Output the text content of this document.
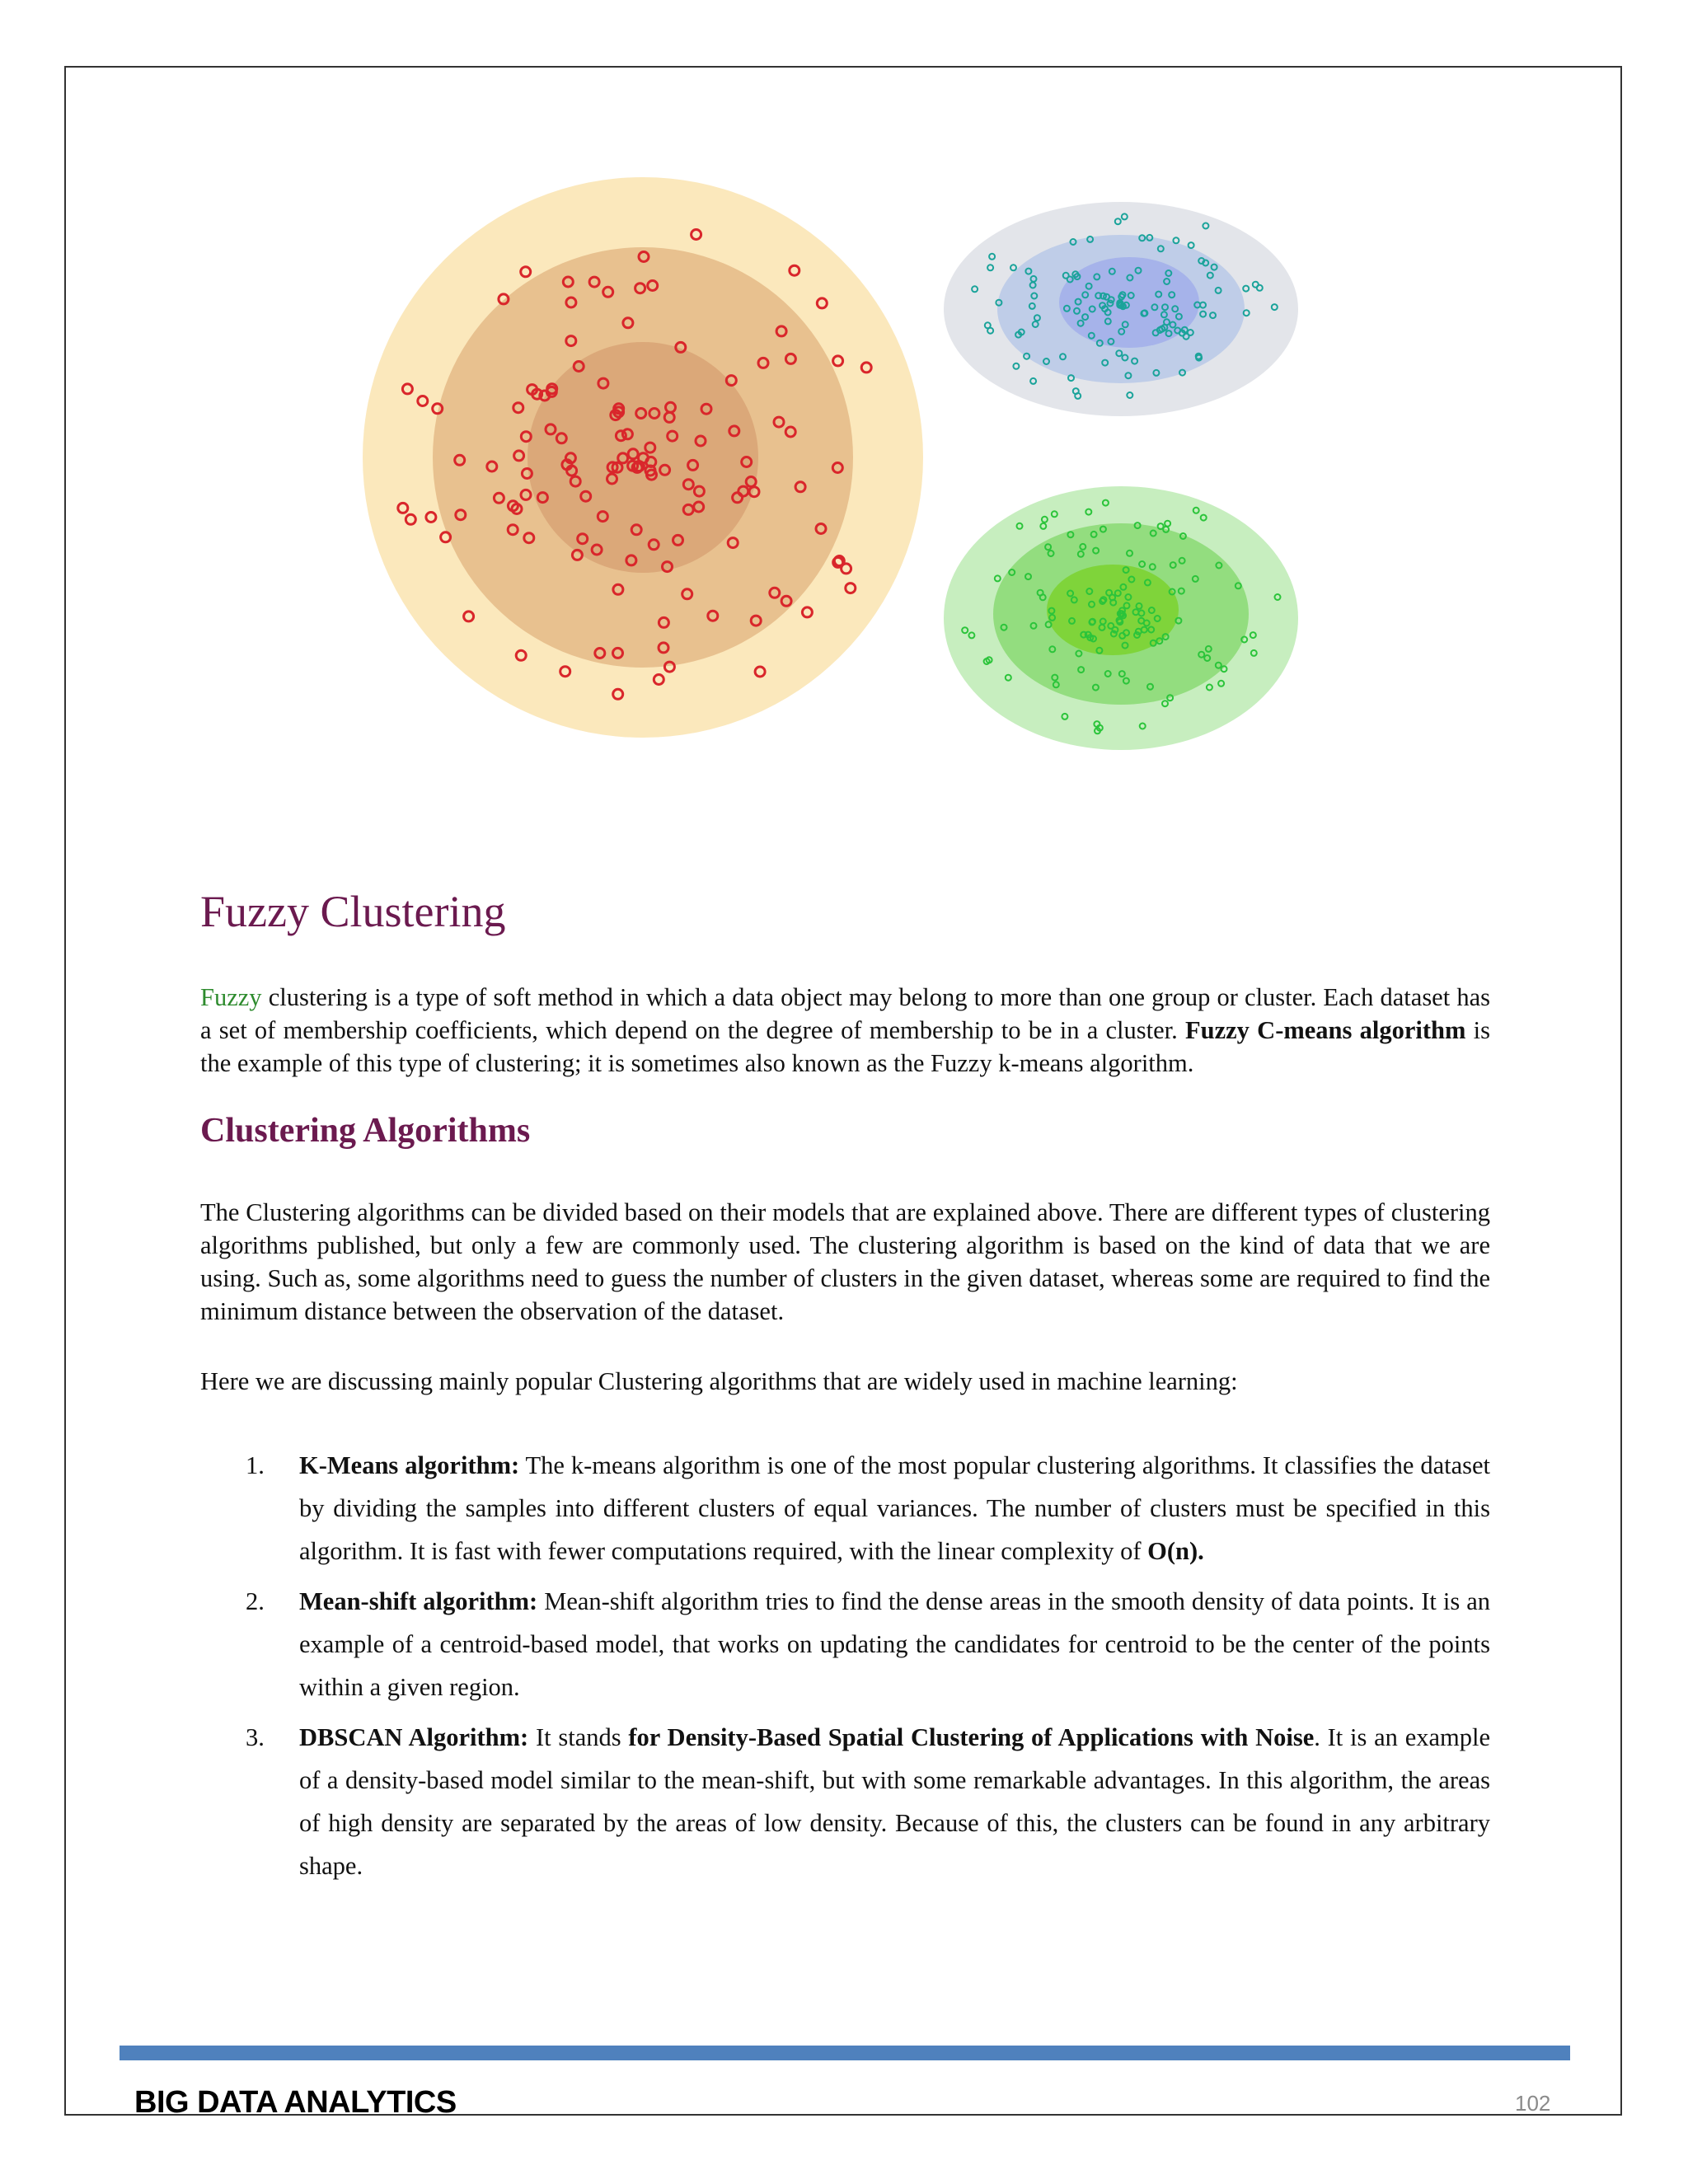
Fuzzy Clustering

Fuzzy clustering is a type of soft method in which a data object may belong to more than one group or cluster. Each dataset has a set of membership coefficients, which depend on the degree of membership to be in a cluster. Fuzzy C-means algorithm is the example of this type of clustering; it is sometimes also known as the Fuzzy k-means algorithm.

Clustering Algorithms

The Clustering algorithms can be divided based on their models that are explained above. There are different types of clustering algorithms published, but only a few are commonly used. The clustering algorithm is based on the kind of data that we are using. Such as, some algorithms need to guess the number of clusters in the given dataset, whereas some are required to find the minimum distance between the observation of the dataset.

Here we are discussing mainly popular Clustering algorithms that are widely used in machine learning:

1. K-Means algorithm: The k-means algorithm is one of the most popular clustering algorithms. It classifies the dataset by dividing the samples into different clusters of equal variances. The number of clusters must be specified in this algorithm. It is fast with fewer computations required, with the linear complexity of O(n).
2. Mean-shift algorithm: Mean-shift algorithm tries to find the dense areas in the smooth density of data points. It is an example of a centroid-based model, that works on updating the candidates for centroid to be the center of the points within a given region.
3. DBSCAN Algorithm: It stands for Density-Based Spatial Clustering of Applications with Noise. It is an example of a density-based model similar to the mean-shift, but with some remarkable advantages. In this algorithm, the areas of high density are separated by the areas of low density. Because of this, the clusters can be found in any arbitrary shape.
BIG DATA ANALYTICS	102
